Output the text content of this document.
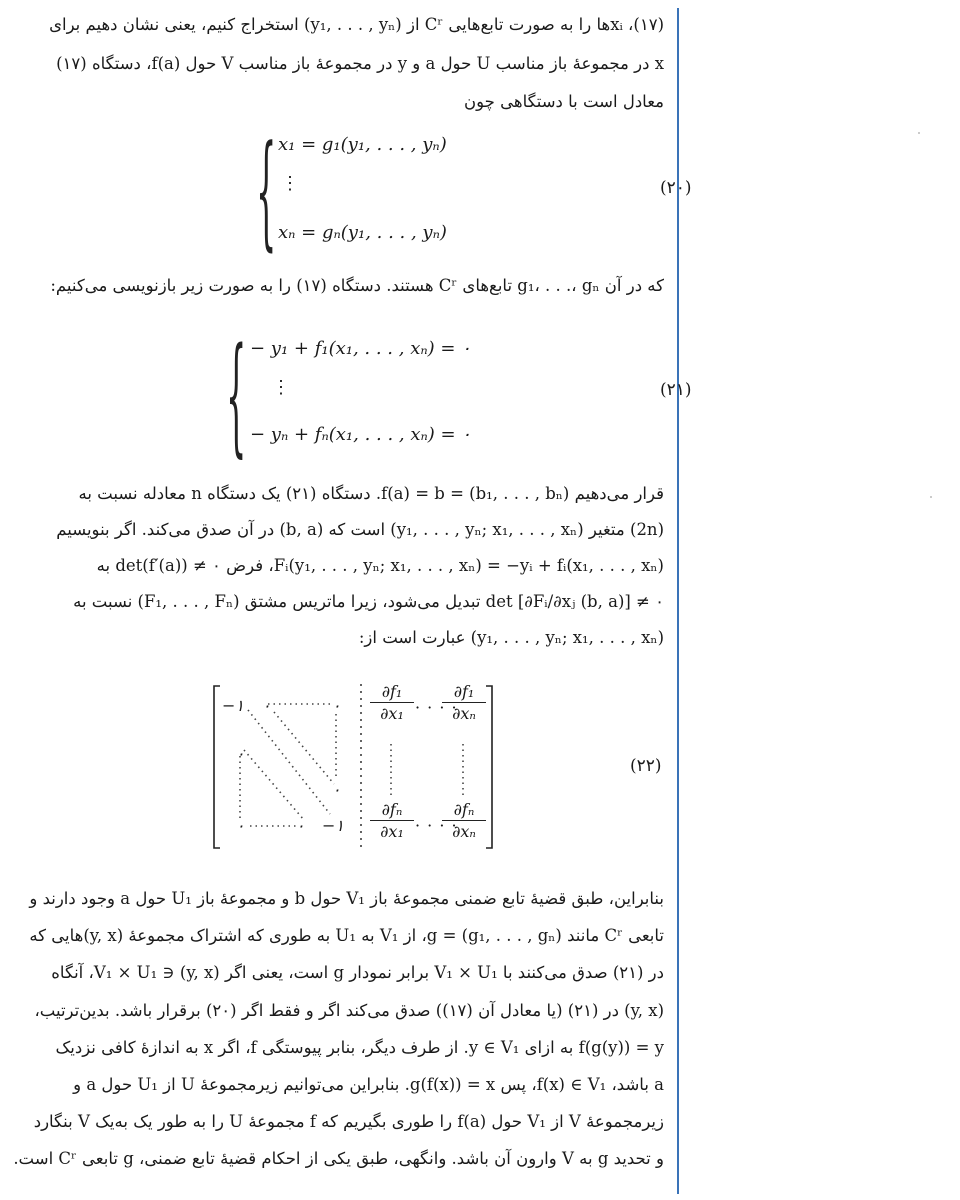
(۱۷)، xᵢها را به صورت تابع‌هایی Cʳ از (y₁, . . . , yₙ) استخراج کنیم، یعنی نشان دهیم برای
x در مجموعهٔ باز مناسب U حول a و y در مجموعهٔ باز مناسب V حول f(a)، دستگاه (۱۷)
معادل است با دستگاهی چون
{ x₁ = g₁(y₁, . . . , yₙ)
⋮
xₙ = gₙ(y₁, . . . , yₙ)
(۲۰)
که در آن g₁، . . .، gₙ تابع‌های Cʳ هستند. دستگاه (۱۷) را به صورت زیر بازنویسی می‌کنیم:
{ − y₁ + f₁(x₁, . . . , xₙ) = ۰
⋮
− yₙ + fₙ(x₁, . . . , xₙ) = ۰
(۲۱)
قرار می‌دهیم f(a) = b = (b₁, . . . , bₙ). دستگاه (۲۱) یک دستگاه n معادله نسبت به
(2n) متغیر (y₁, . . . , yₙ; x₁, . . . , xₙ) است که (b, a) در آن صدق می‌کند. اگر بنویسیم
Fᵢ(y₁, . . . , yₙ; x₁, . . . , xₙ) = −yᵢ + fᵢ(x₁, . . . , xₙ)، فرض ۰ ≠ det(f′(a)) به
det [∂Fᵢ/∂xⱼ (b, a)] ≠ ۰ تبدیل می‌شود، زیرا ماتریس مشتق (F₁, . . . , Fₙ) نسبت به
(y₁, . . . , yₙ; x₁, . . . , xₙ) عبارت است از:
−۱ ۰	۰
۰
۰
۰	۰ −۱
$\frac{\text{∂f₁}}{\text{∂x₁}}$ · · · ·
$\frac{\text{∂f₁}}{\text{∂xₙ}}$
$\frac{\text{∂fₙ}}{\text{∂x₁}}$ · · · ·
$\frac{\text{∂fₙ}}{\text{∂xₙ}}$
(۲۲)
بنابراین، طبق قضیهٔ تابع ضمنی مجموعهٔ باز V₁ حول b و مجموعهٔ باز U₁ حول a وجود دارند و
تابعی Cʳ مانند g = (g₁, . . . , gₙ)، از V₁ به U₁ به طوری که اشتراک مجموعهٔ (y, x)هایی که
در (۲۱) صدق می‌کنند با V₁ × U₁ برابر نمودار g است، یعنی اگر (y, x) ∈ V₁ × U₁، آنگاه
(y, x) در (۲۱) (یا معادل آن (۱۷)) صدق می‌کند اگر و فقط اگر (۲۰) برقرار باشد. بدین‌ترتیب،
f(g(y)) = y به ازای y ∈ V₁. از طرف دیگر، بنابر پیوستگی f، اگر x به اندازهٔ کافی نزدیک
a باشد، f(x) ∈ V₁، پس g(f(x)) = x. بنابراین می‌توانیم زیرمجموعهٔ U از U₁ حول a و
زیرمجموعهٔ V از V₁ حول f(a) را طوری بگیریم که f مجموعهٔ U را به طور یک به‌یک V بنگارد
و تحدید g به V وارون آن باشد. وانگهی، طبق یکی از احکام قضیهٔ تابع ضمنی، g تابعی Cʳ است.
